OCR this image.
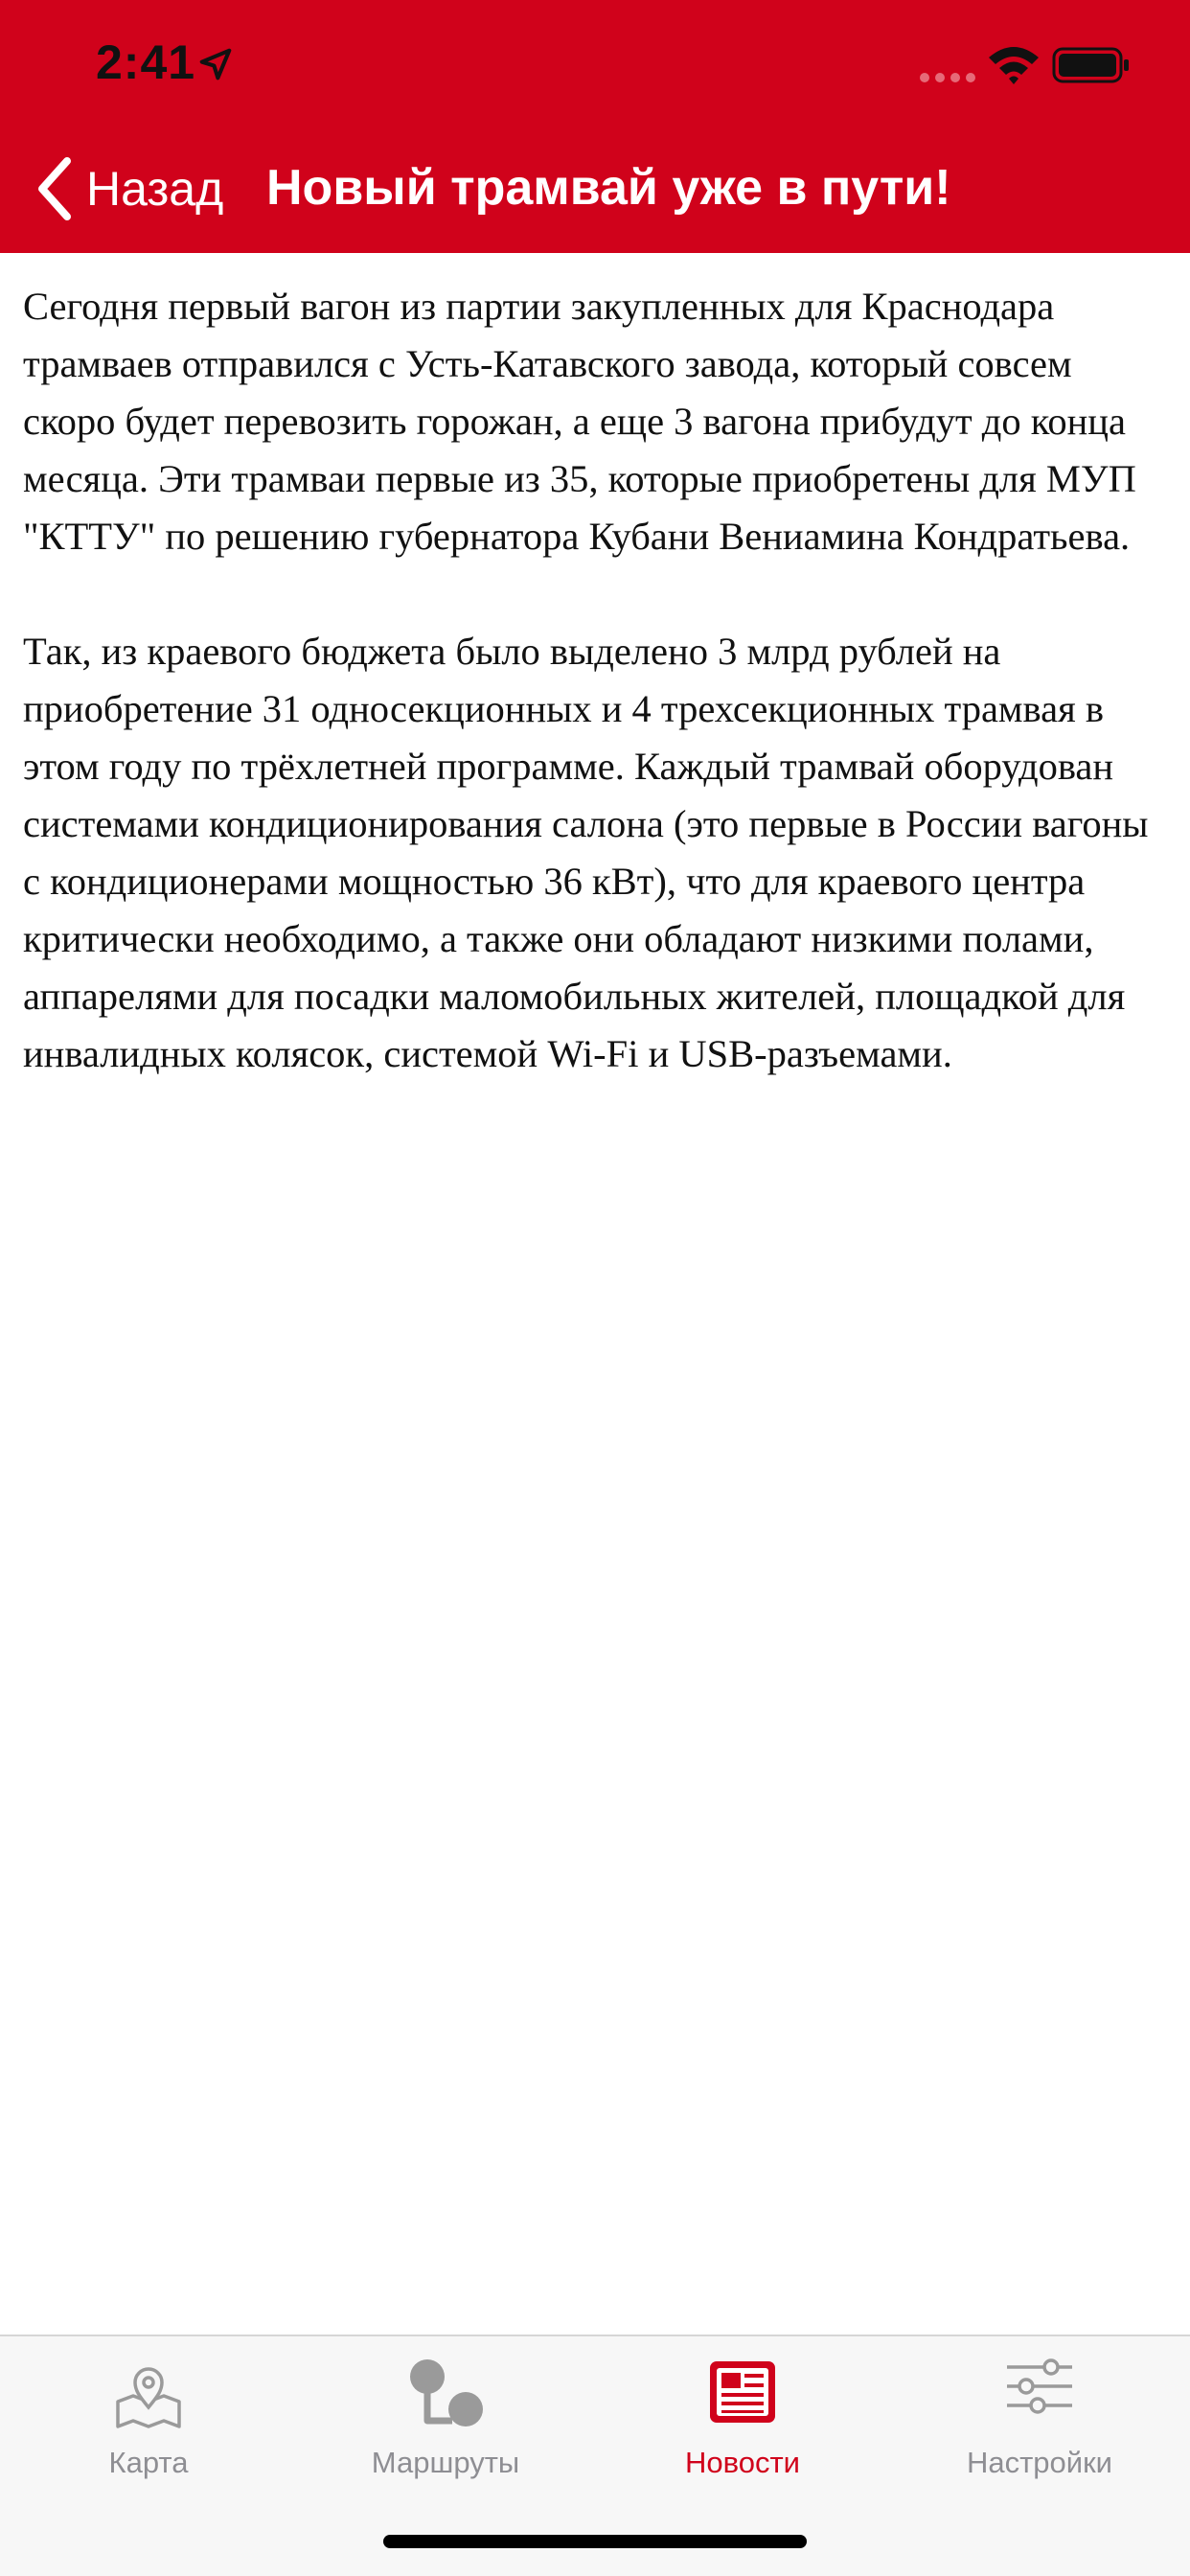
2:41
Назад Новый трамвай уже в пути!

Сегодня первый вагон из партии закупленных для Краснодара трамваев отправился с Усть-Катавского завода, который совсем скоро будет перевозить горожан, а еще 3 вагона прибудут до конца месяца. Эти трамваи первые из 35, которые приобретены для МУП "КТТУ" по решению губернатора Кубани Вениамина Кондратьева.

Так, из краевого бюджета было выделено 3 млрд рублей на приобретение 31 односекционных и 4 трехсекционных трамвая в этом году по трёхлетней программе. Каждый трамвай оборудован системами кондиционирования салона (это первые в России вагоны с кондиционерами мощностью 36 кВт), что для краевого центра критически необходимо, а также они обладают низкими полами, аппарелями для посадки маломобильных жителей, площадкой для инвалидных колясок, системой Wi-Fi и USB-разъемами.

Карта	Маршруты	Новости	Настройки
